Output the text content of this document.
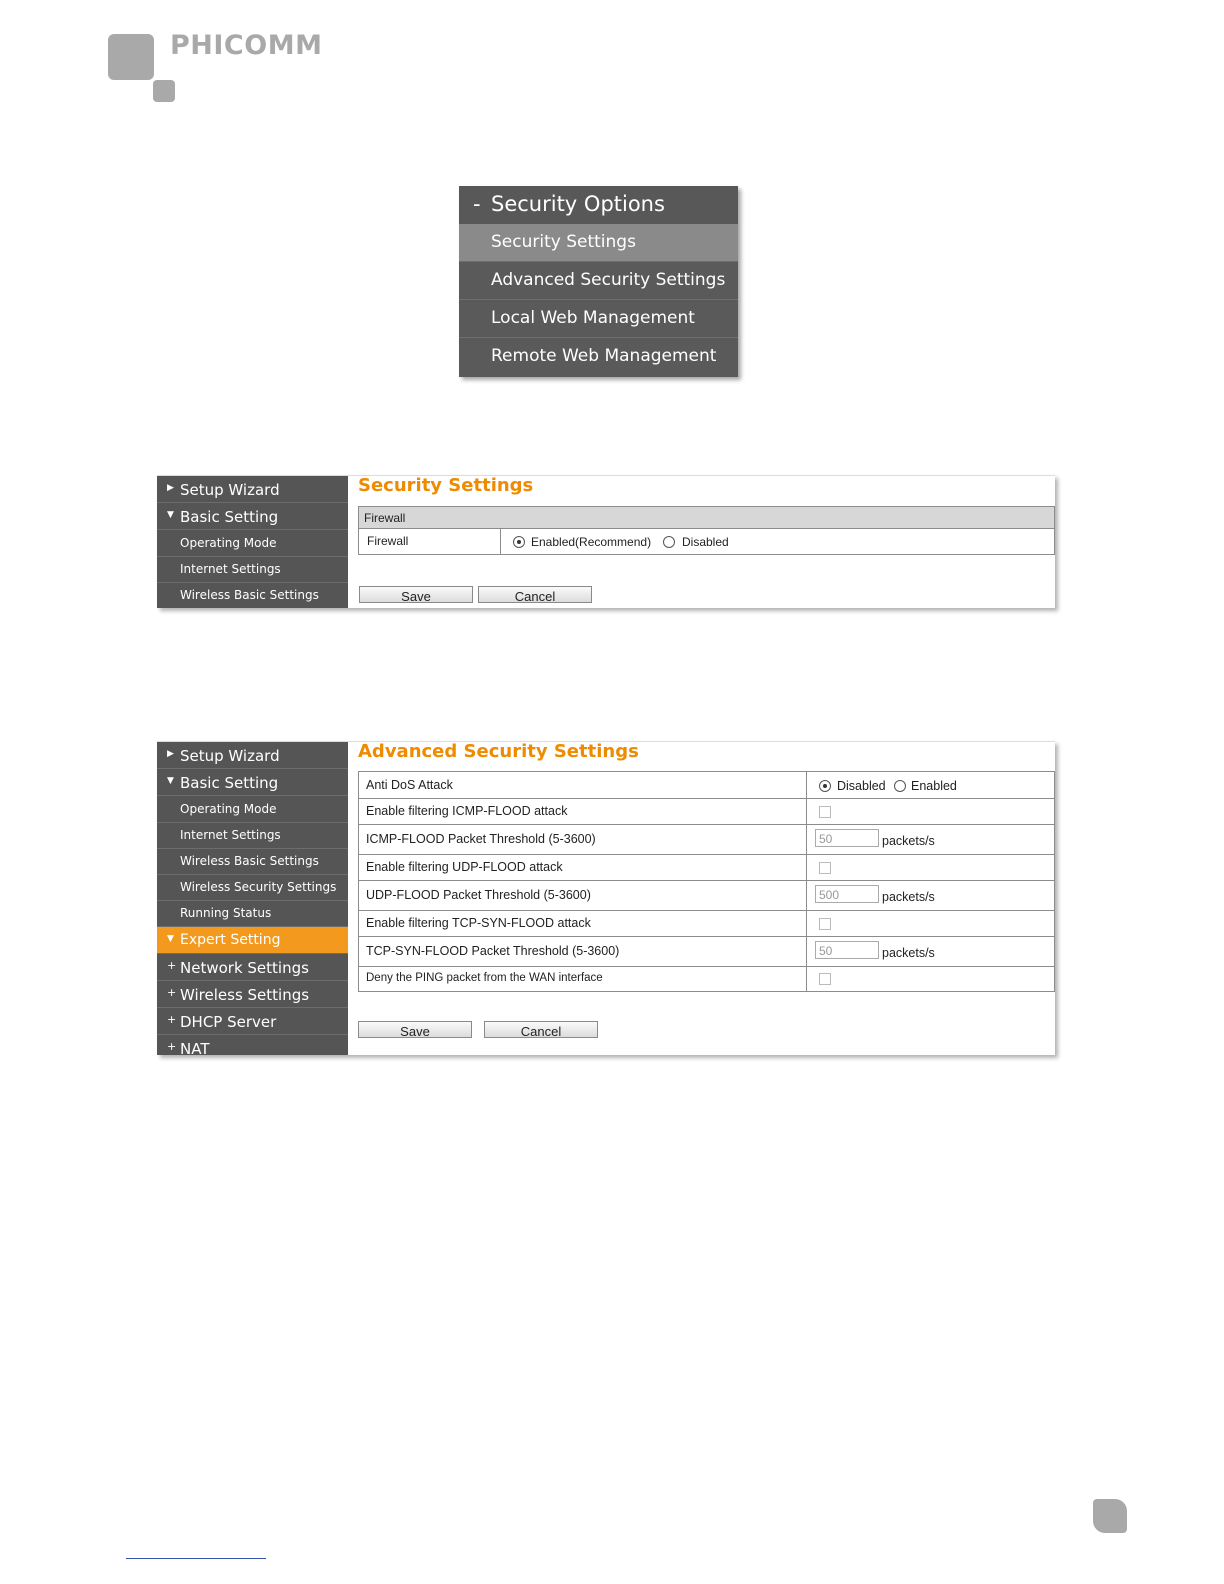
PHICOMM
- Security Options
Security Settings
Advanced Security Settings
Local Web Management
Remote Web Management
▶ Setup Wizard
▼ Basic Setting
Operating Mode
Internet Settings
Wireless Basic Settings
Security Settings
Firewall
Firewall	Enabled(Recommend)	Disabled
Save	Cancel
▶ Setup Wizard
▼ Basic Setting
Operating Mode
Internet Settings
Wireless Basic Settings
Wireless Security Settings
Running Status
▼ Expert Setting
+ Network Settings
+ Wireless Settings
+ DHCP Server
+ NAT
Advanced Security Settings
Anti DoS Attack	Disabled Enabled
Enable filtering ICMP-FLOOD attack
ICMP-FLOOD Packet Threshold (5-3600)	50	packets/s
Enable filtering UDP-FLOOD attack
UDP-FLOOD Packet Threshold (5-3600)	500	packets/s
Enable filtering TCP-SYN-FLOOD attack
TCP-SYN-FLOOD Packet Threshold (5-3600)	50	packets/s
Deny the PING packet from the WAN interface
Save	Cancel
